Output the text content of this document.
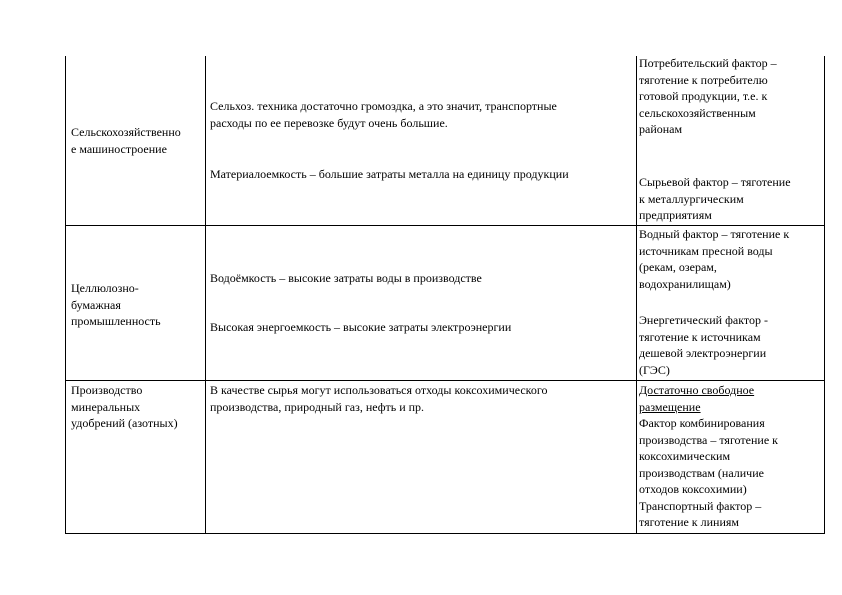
Сельскохозяйственно
е машиностроение
Сельхоз. техника достаточно громоздка, а это значит, транспортные
расходы по ее перевозке будут очень большие.
Материалоемкость – большие затраты металла на единицу продукции
Потребительский фактор –
тяготение к потребителю
готовой продукции, т.е. к
сельскохозяйственным
районам
Сырьевой фактор – тяготение
к металлургическим
предприятиям
Целлюлозно-
бумажная
промышленность
Водоёмкость – высокие затраты воды в производстве
Высокая энергоемкость – высокие затраты электроэнергии
Водный фактор – тяготение к
источникам пресной воды
(рекам, озерам,
водохранилищам)
Энергетический фактор -
тяготение к источникам
дешевой электроэнергии
(ГЭС)
Производство
минеральных
удобрений (азотных)
В качестве сырья могут использоваться отходы коксохимического
производства, природный газ, нефть и пр.
Достаточно свободное
размещение
Фактор комбинирования
производства – тяготение к
коксохимическим
производствам (наличие
отходов коксохимии)
Транспортный фактор –
тяготение к линиям
